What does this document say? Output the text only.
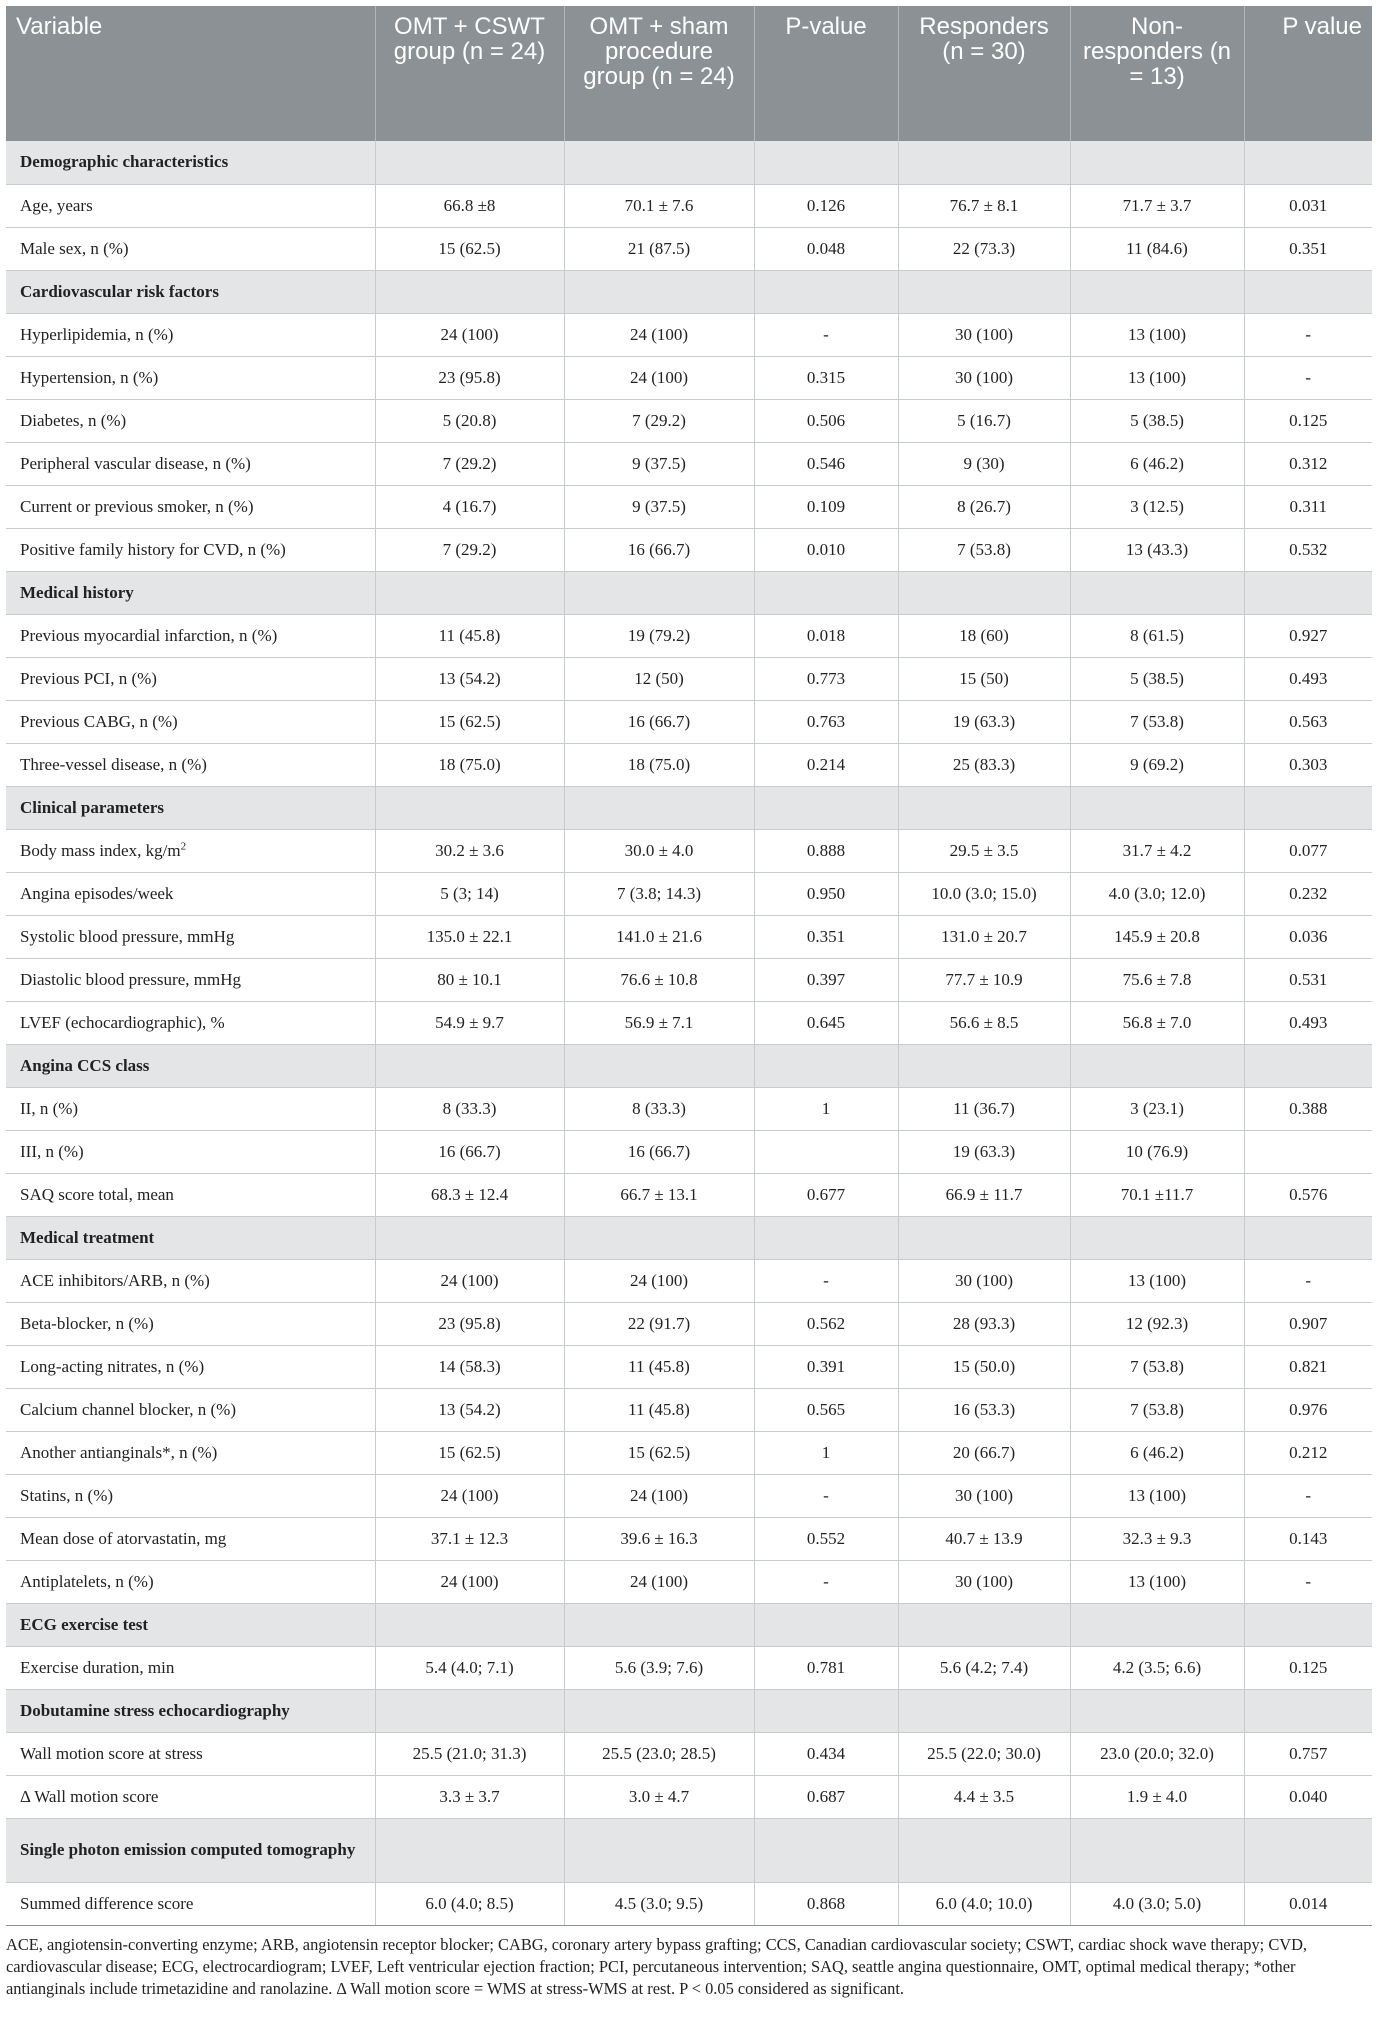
Variable	OMT + CSWT group (n = 24)	OMT + sham procedure group (n = 24)	P-value	Responders (n = 30)	Non-responders (n = 13)	P value
Demographic characteristics						
Age, years	66.8 ±8	70.1 ± 7.6	0.126	76.7 ± 8.1	71.7 ± 3.7	0.031
Male sex, n (%)	15 (62.5)	21 (87.5)	0.048	22 (73.3)	11 (84.6)	0.351
Cardiovascular risk factors						
Hyperlipidemia, n (%)	24 (100)	24 (100)	-	30 (100)	13 (100)	-
Hypertension, n (%)	23 (95.8)	24 (100)	0.315	30 (100)	13 (100)	-
Diabetes, n (%)	5 (20.8)	7 (29.2)	0.506	5 (16.7)	5 (38.5)	0.125
Peripheral vascular disease, n (%)	7 (29.2)	9 (37.5)	0.546	9 (30)	6 (46.2)	0.312
Current or previous smoker, n (%)	4 (16.7)	9 (37.5)	0.109	8 (26.7)	3 (12.5)	0.311
Positive family history for CVD, n (%)	7 (29.2)	16 (66.7)	0.010	7 (53.8)	13 (43.3)	0.532
Medical history						
Previous myocardial infarction, n (%)	11 (45.8)	19 (79.2)	0.018	18 (60)	8 (61.5)	0.927
Previous PCI, n (%)	13 (54.2)	12 (50)	0.773	15 (50)	5 (38.5)	0.493
Previous CABG, n (%)	15 (62.5)	16 (66.7)	0.763	19 (63.3)	7 (53.8)	0.563
Three-vessel disease, n (%)	18 (75.0)	18 (75.0)	0.214	25 (83.3)	9 (69.2)	0.303
Clinical parameters						
Body mass index, $kg/m^2$	30.2 ± 3.6	30.0 ± 4.0	0.888	29.5 ± 3.5	31.7 ± 4.2	0.077
Angina episodes/week	5 (3; 14)	7 (3.8; 14.3)	0.950	10.0 (3.0; 15.0)	4.0 (3.0; 12.0)	0.232
Systolic blood pressure, mmHg	135.0 ± 22.1	141.0 ± 21.6	0.351	131.0 ± 20.7	145.9 ± 20.8	0.036
Diastolic blood pressure, mmHg	80 ± 10.1	76.6 ± 10.8	0.397	77.7 ± 10.9	75.6 ± 7.8	0.531
LVEF (echocardiographic), %	54.9 ± 9.7	56.9 ± 7.1	0.645	56.6 ± 8.5	56.8 ± 7.0	0.493
Angina CCS class						
II, n (%)	8 (33.3)	8 (33.3)	1	11 (36.7)	3 (23.1)	0.388
III, n (%)	16 (66.7)	16 (66.7)		19 (63.3)	10 (76.9)	
SAQ score total, mean	68.3 ± 12.4	66.7 ± 13.1	0.677	66.9 ± 11.7	70.1 ±11.7	0.576
Medical treatment						
ACE inhibitors/ARB, n (%)	24 (100)	24 (100)	-	30 (100)	13 (100)	-
Beta-blocker, n (%)	23 (95.8)	22 (91.7)	0.562	28 (93.3)	12 (92.3)	0.907
Long-acting nitrates, n (%)	14 (58.3)	11 (45.8)	0.391	15 (50.0)	7 (53.8)	0.821
Calcium channel blocker, n (%)	13 (54.2)	11 (45.8)	0.565	16 (53.3)	7 (53.8)	0.976
Another antianginals*, n (%)	15 (62.5)	15 (62.5)	1	20 (66.7)	6 (46.2)	0.212
Statins, n (%)	24 (100)	24 (100)	-	30 (100)	13 (100)	-
Mean dose of atorvastatin, mg	37.1 ± 12.3	39.6 ± 16.3	0.552	40.7 ± 13.9	32.3 ± 9.3	0.143
Antiplatelets, n (%)	24 (100)	24 (100)	-	30 (100)	13 (100)	-
ECG exercise test						
Exercise duration, min	5.4 (4.0; 7.1)	5.6 (3.9; 7.6)	0.781	5.6 (4.2; 7.4)	4.2 (3.5; 6.6)	0.125
Dobutamine stress echocardiography						
Wall motion score at stress	25.5 (21.0; 31.3)	25.5 (23.0; 28.5)	0.434	25.5 (22.0; 30.0)	23.0 (20.0; 32.0)	0.757
Δ Wall motion score	3.3 ± 3.7	3.0 ± 4.7	0.687	4.4 ± 3.5	1.9 ± 4.0	0.040
Single photon emission computed tomography						
Summed difference score	6.0 (4.0; 8.5)	4.5 (3.0; 9.5)	0.868	6.0 (4.0; 10.0)	4.0 (3.0; 5.0)	0.014
ACE, angiotensin-converting enzyme; ARB, angiotensin receptor blocker; CABG, coronary artery bypass grafting; CCS, Canadian cardiovascular society; CSWT, cardiac shock wave therapy; CVD, cardiovascular disease; ECG, electrocardiogram; LVEF, Left ventricular ejection fraction; PCI, percutaneous intervention; SAQ, seattle angina questionnaire, OMT, optimal medical therapy; *other antianginals include trimetazidine and ranolazine. Δ Wall motion score = WMS at stress-WMS at rest. P < 0.05 considered as significant.
